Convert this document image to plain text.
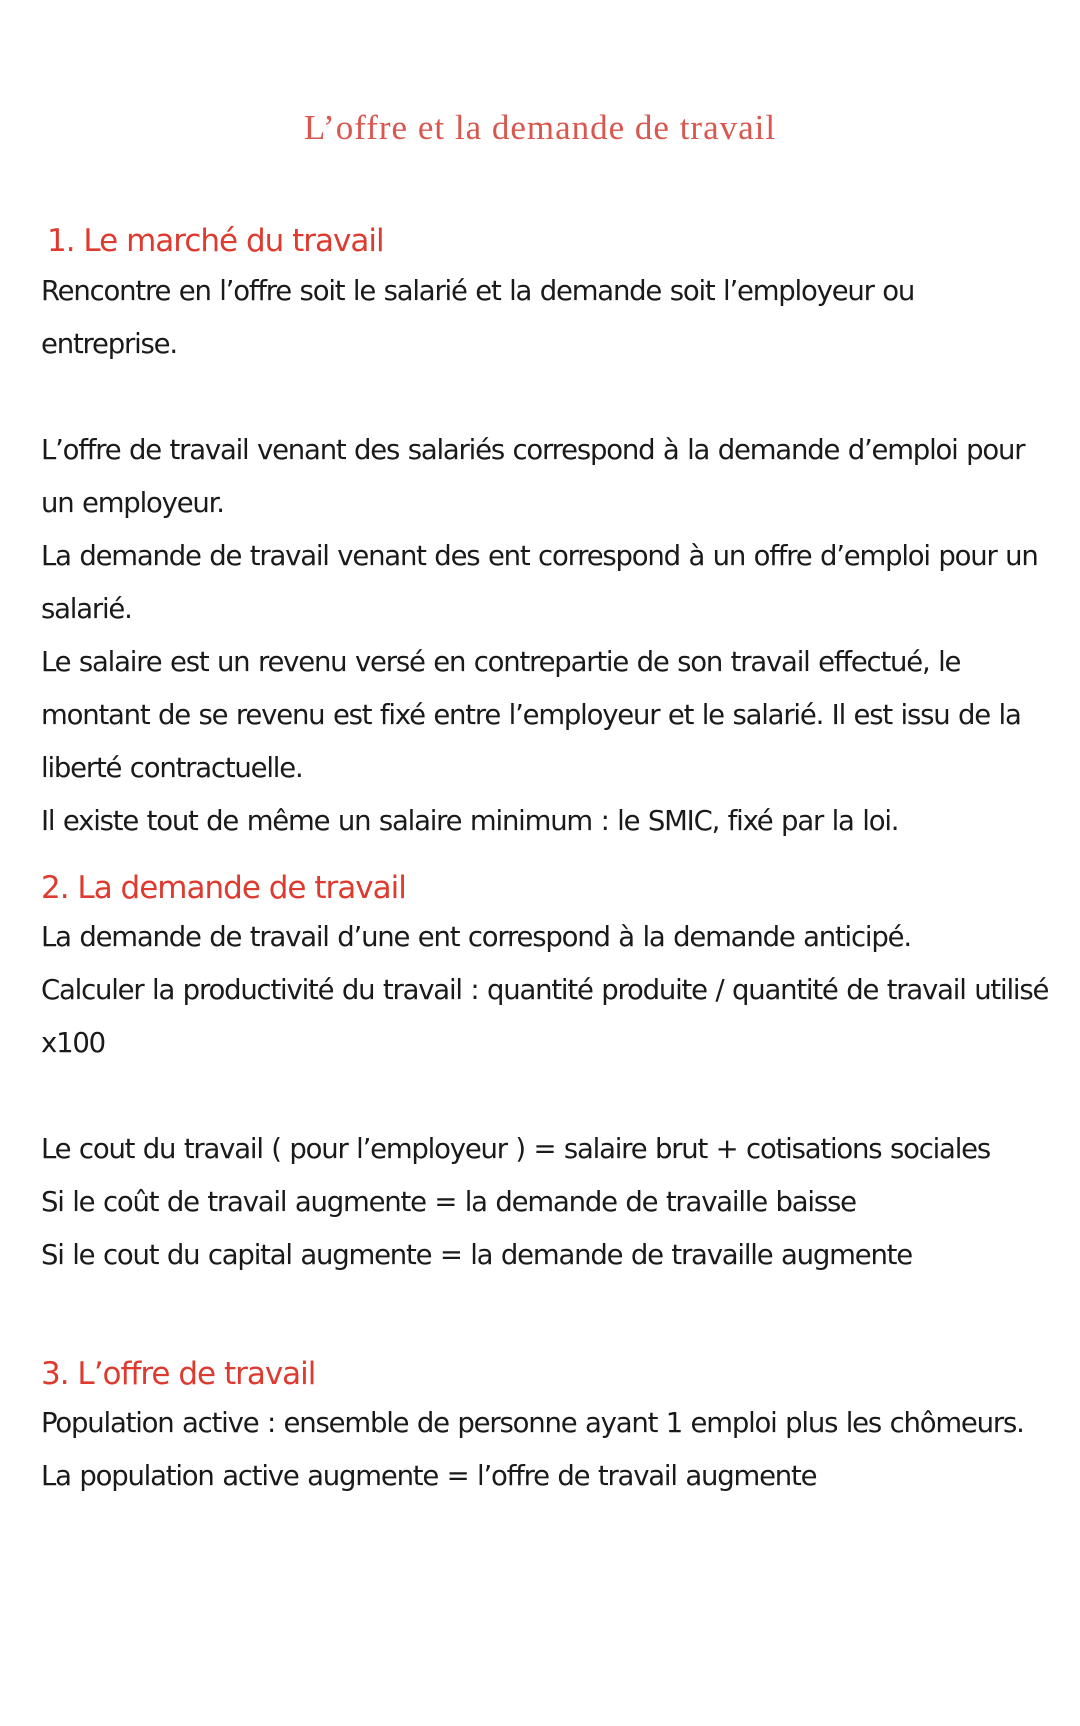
L’offre et la demande de travail
1. Le marché du travail

Rencontre en l’offre soit le salarié et la demande soit l’employeur ou entreprise.

L’offre de travail venant des salariés correspond à la demande d’emploi pour un employeur.

La demande de travail venant des ent correspond à un offre d’emploi pour un salarié.

Le salaire est un revenu versé en contrepartie de son travail effectué, le montant de se revenu est fixé entre l’employeur et le salarié. Il est issu de la liberté contractuelle.

Il existe tout de même un salaire minimum : le SMIC, fixé par la loi.

2. La demande de travail

La demande de travail d’une ent correspond à la demande anticipé.

Calculer la productivité du travail : quantité produite / quantité de travail utilisé x100

Le cout du travail ( pour l’employeur ) = salaire brut + cotisations sociales

Si le coût de travail augmente = la demande de travaille baisse

Si le cout du capital augmente = la demande de travaille augmente

3. L’offre de travail

Population active : ensemble de personne ayant 1 emploi plus les chômeurs.

La population active augmente = l’offre de travail augmente
